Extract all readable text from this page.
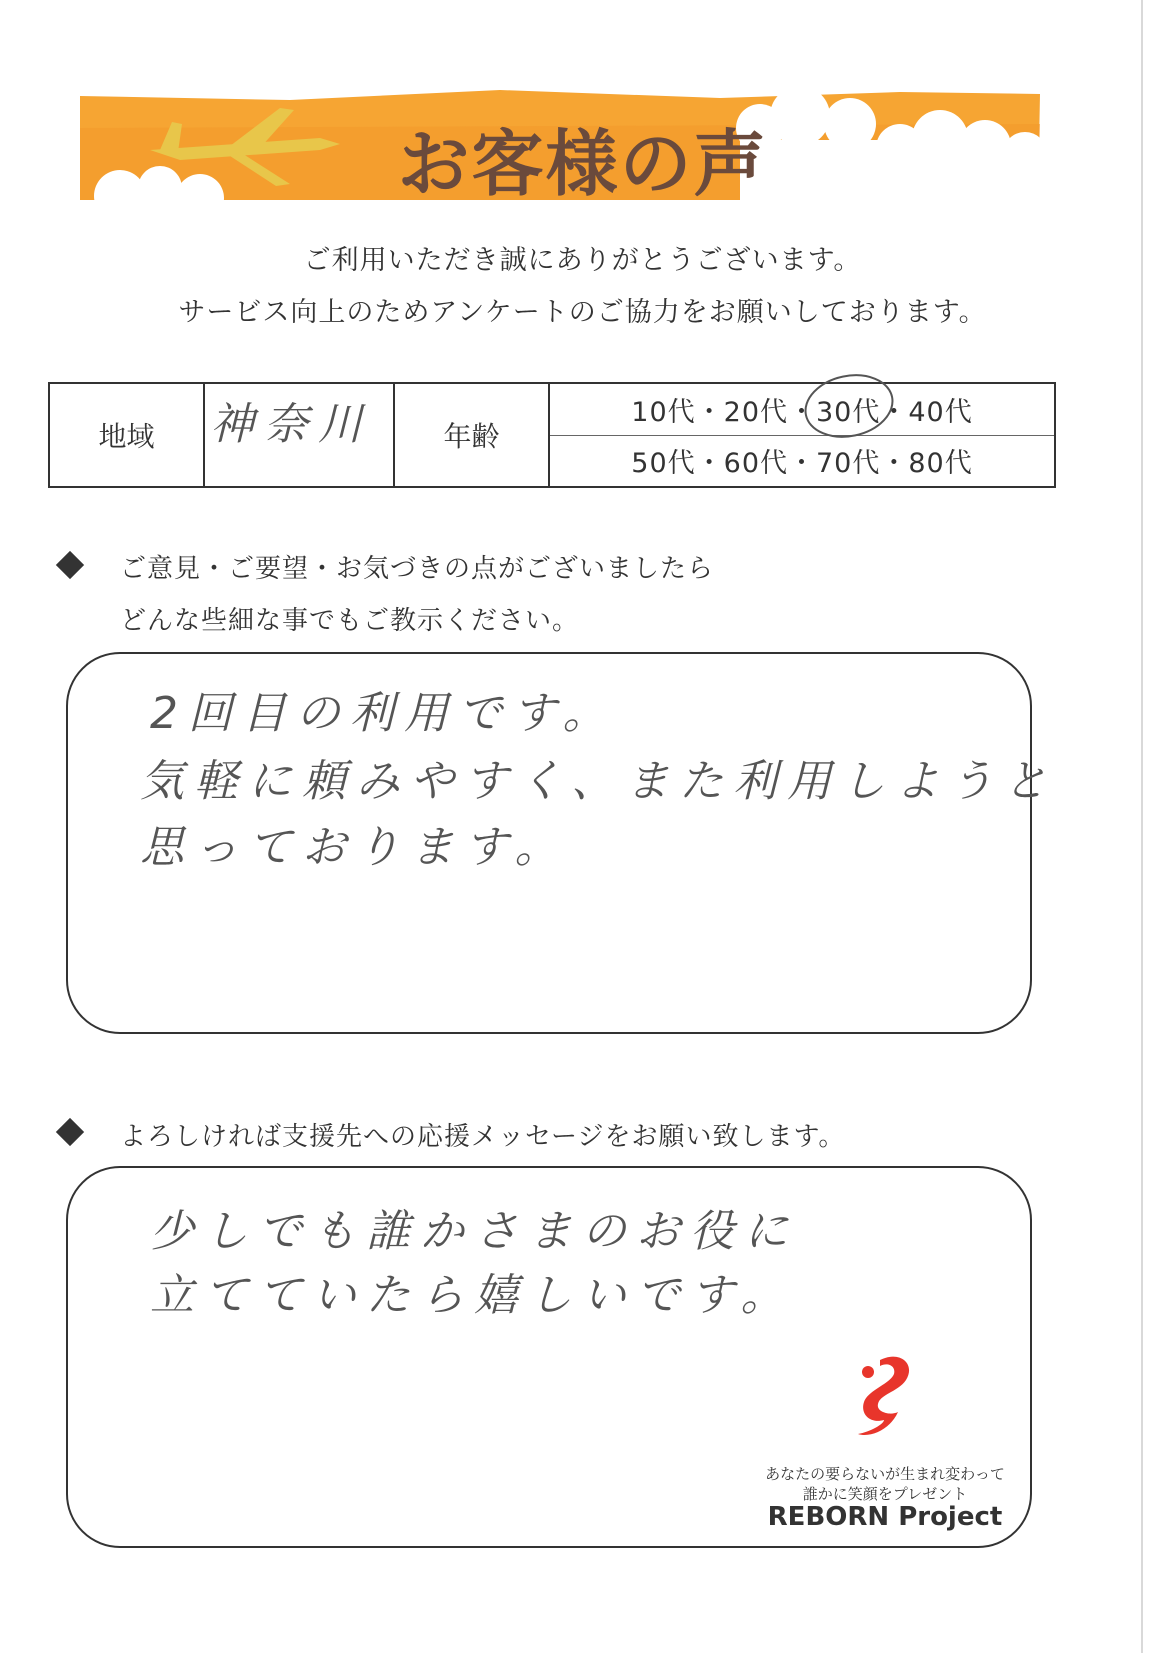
お客様の声
ご利用いただき誠にありがとうございます。
サービス向上のためアンケートのご協力をお願いしております。
地域	年齢
10代・20代・30代・40代
50代・60代・70代・80代
神奈川
ご意見・ご要望・お気づきの点がございましたら
どんな些細な事でもご教示ください。
2回目の利用です。
気軽に頼みやすく、また利用しようと
思っております。
よろしければ支援先への応援メッセージをお願い致します。
少しでも誰かさまのお役に
立てていたら嬉しいです。
あなたの要らないが生まれ変わって
誰かに笑顔をプレゼント
REBORN Project
